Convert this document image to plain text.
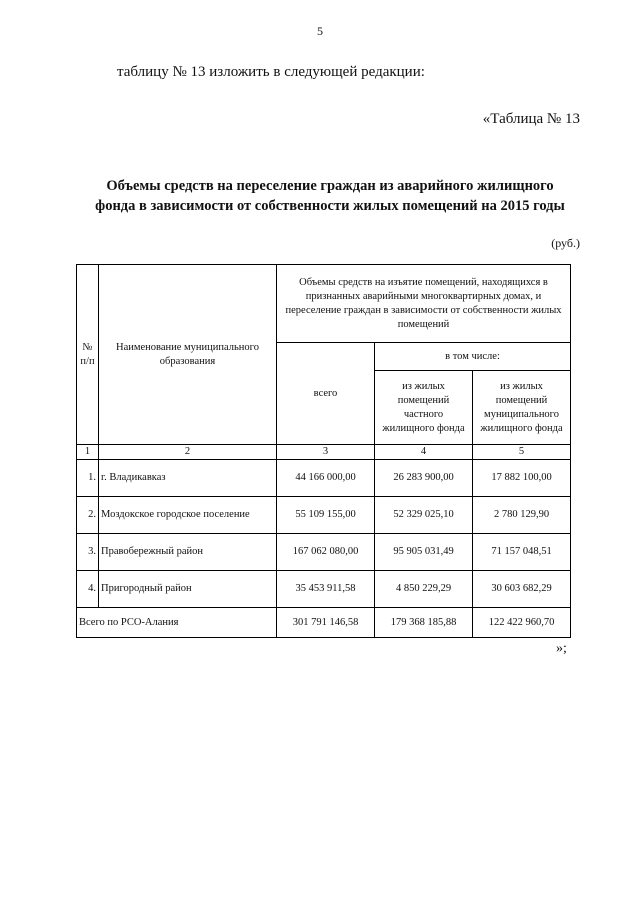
5
таблицу № 13 изложить в следующей редакции:
«Таблица № 13
Объемы средств на переселение граждан из аварийного жилищного
фонда в зависимости от собственности жилых помещений на 2015 годы
(руб.)
№ п/п	Наименование муниципального образования	Объемы средств на изъятие помещений, находящихся в признанных аварийными многоквартирных домах, и переселение граждан в зависимости от собственности жилых помещений		
		всего	в том числе:	
			из жилых помещений частного жилищного фонда	из жилых помещений муниципального жилищного фонда
1	2	3	4	5
1.	г. Владикавказ	44 166 000,00	26 283 900,00	17 882 100,00
2.	Моздокское городское поселение	55 109 155,00	52 329 025,10	2 780 129,90
3.	Правобережный район	167 062 080,00	95 905 031,49	71 157 048,51
4.	Пригородный район	35 453 911,58	4 850 229,29	30 603 682,29
Всего по РСО-Алания		301 791 146,58	179 368 185,88	122 422 960,70
»;
